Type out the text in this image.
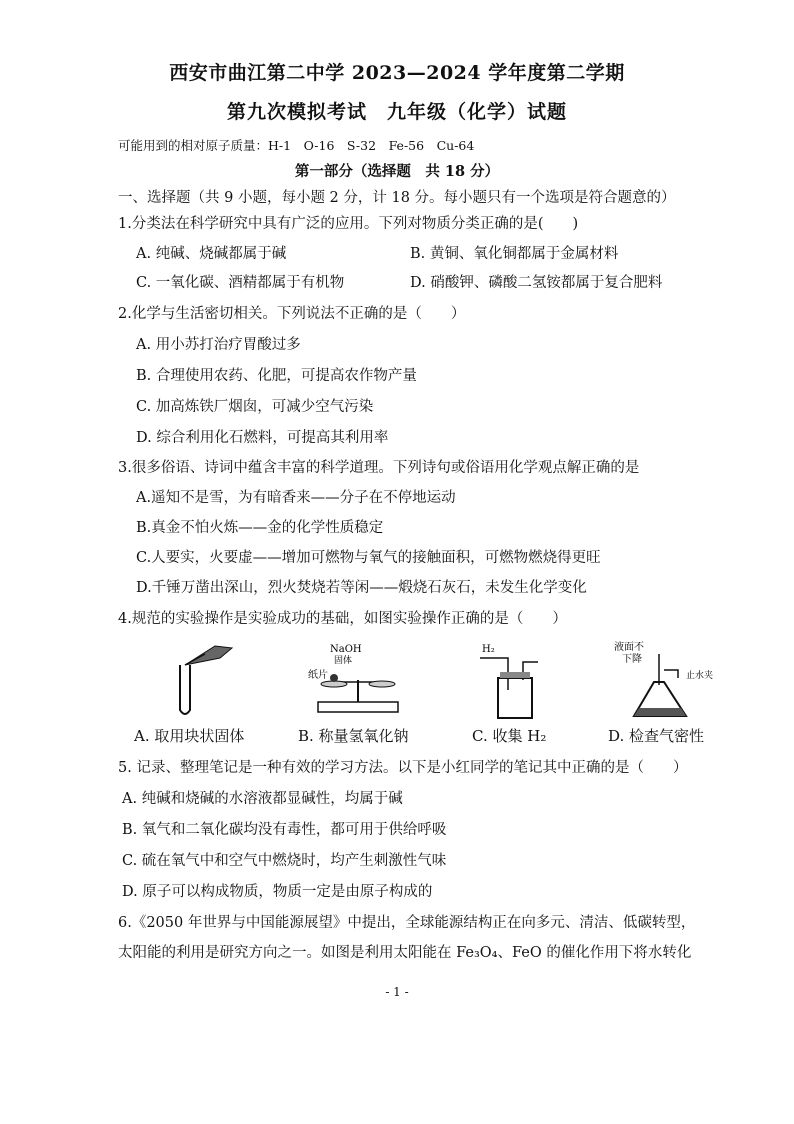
西安市曲江第二中学 2023—2024 学年度第二学期
第九次模拟考试　九年级（化学）试题
可能用到的相对原子质量：H-1　O-16　S-32　Fe-56　Cu-64
第一部分（选择题　共 18 分）
一、选择题（共 9 小题，每小题 2 分，计 18 分。每小题只有一个选项是符合题意的）
1.分类法在科学研究中具有广泛的应用。下列对物质分类正确的是(　　)
A. 纯碱、烧碱都属于碱	B. 黄铜、氧化铜都属于金属材料
C. 一氧化碳、酒精都属于有机物	D. 硝酸钾、磷酸二氢铵都属于复合肥料
2.化学与生活密切相关。下列说法不正确的是（　　）
A. 用小苏打治疗胃酸过多
B. 合理使用农药、化肥，可提高农作物产量
C. 加高炼铁厂烟囱，可减少空气污染
D. 综合利用化石燃料，可提高其利用率
3.很多俗语、诗词中蕴含丰富的科学道理。下列诗句或俗语用化学观点解正确的是
A.遥知不是雪，为有暗香来——分子在不停地运动
B.真金不怕火炼——金的化学性质稳定
C.人要实，火要虚——增加可燃物与氧气的接触面积，可燃物燃烧得更旺
D.千锤万凿出深山，烈火焚烧若等闲——煅烧石灰石，未发生化学变化
4.规范的实验操作是实验成功的基础，如图实验操作正确的是（　　）
NaOH
固体
纸片
H₂	液面不
下降
止水夹
A. 取用块状固体	B. 称量氢氧化钠	C. 收集 H₂	D. 检查气密性
5. 记录、整理笔记是一种有效的学习方法。以下是小红同学的笔记其中正确的是（　　）
A. 纯碱和烧碱的水溶液都显碱性，均属于碱
B. 氧气和二氧化碳均没有毒性，都可用于供给呼吸
C. 硫在氧气中和空气中燃烧时，均产生刺激性气味
D. 原子可以构成物质，物质一定是由原子构成的
6.《2050 年世界与中国能源展望》中提出，全球能源结构正在向多元、清洁、低碳转型，
太阳能的利用是研究方向之一。如图是利用太阳能在 Fe₃O₄、FeO 的催化作用下将水转化
- 1 -
